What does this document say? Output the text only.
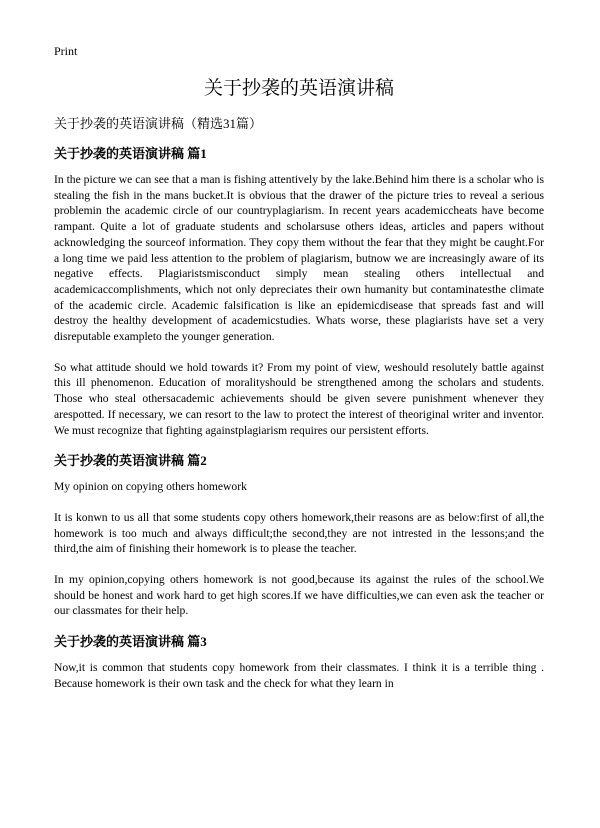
Print
关于抄袭的英语演讲稿
关于抄袭的英语演讲稿（精选31篇）
关于抄袭的英语演讲稿 篇1

In the picture we can see that a man is fishing attentively by the lake.Behind him there is a scholar who is stealing the fish in the mans bucket.It is obvious that the drawer of the picture tries to reveal a serious problemin the academic circle of our countryplagiarism. In recent years academiccheats have become rampant. Quite a lot of graduate students and scholarsuse others ideas, articles and papers without acknowledging the sourceof information. They copy them without the fear that they might be caught.For a long time we paid less attention to the problem of plagiarism, butnow we are increasingly aware of its negative effects. Plagiaristsmisconduct simply mean stealing others intellectual and academicaccomplishments, which not only depreciates their own humanity but contaminatesthe climate of the academic circle. Academic falsification is like an epidemicdisease that spreads fast and will destroy the healthy development of academicstudies. Whats worse, these plagiarists have set a very disreputable exampleto the younger generation.

So what attitude should we hold towards it? From my point of view, weshould resolutely battle against this ill phenomenon. Education of moralityshould be strengthened among the scholars and students. Those who steal othersacademic achievements should be given severe punishment whenever they arespotted. If necessary, we can resort to the law to protect the interest of theoriginal writer and inventor. We must recognize that fighting againstplagiarism requires our persistent efforts.

关于抄袭的英语演讲稿 篇2

My opinion on copying others homework

It is konwn to us all that some students copy others homework,their reasons are as below:first of all,the homework is too much and always difficult;the second,they are not intrested in the lessons;and the third,the aim of finishing their homework is to please the teacher.

In my opinion,copying others homework is not good,because its against the rules of the school.We should be honest and work hard to get high scores.If we have difficulties,we can even ask the teacher or our classmates for their help.

关于抄袭的英语演讲稿 篇3

Now,it is common that students copy homework from their classmates. I think it is a terrible thing . Because homework is their own task and the check for what they learn in
